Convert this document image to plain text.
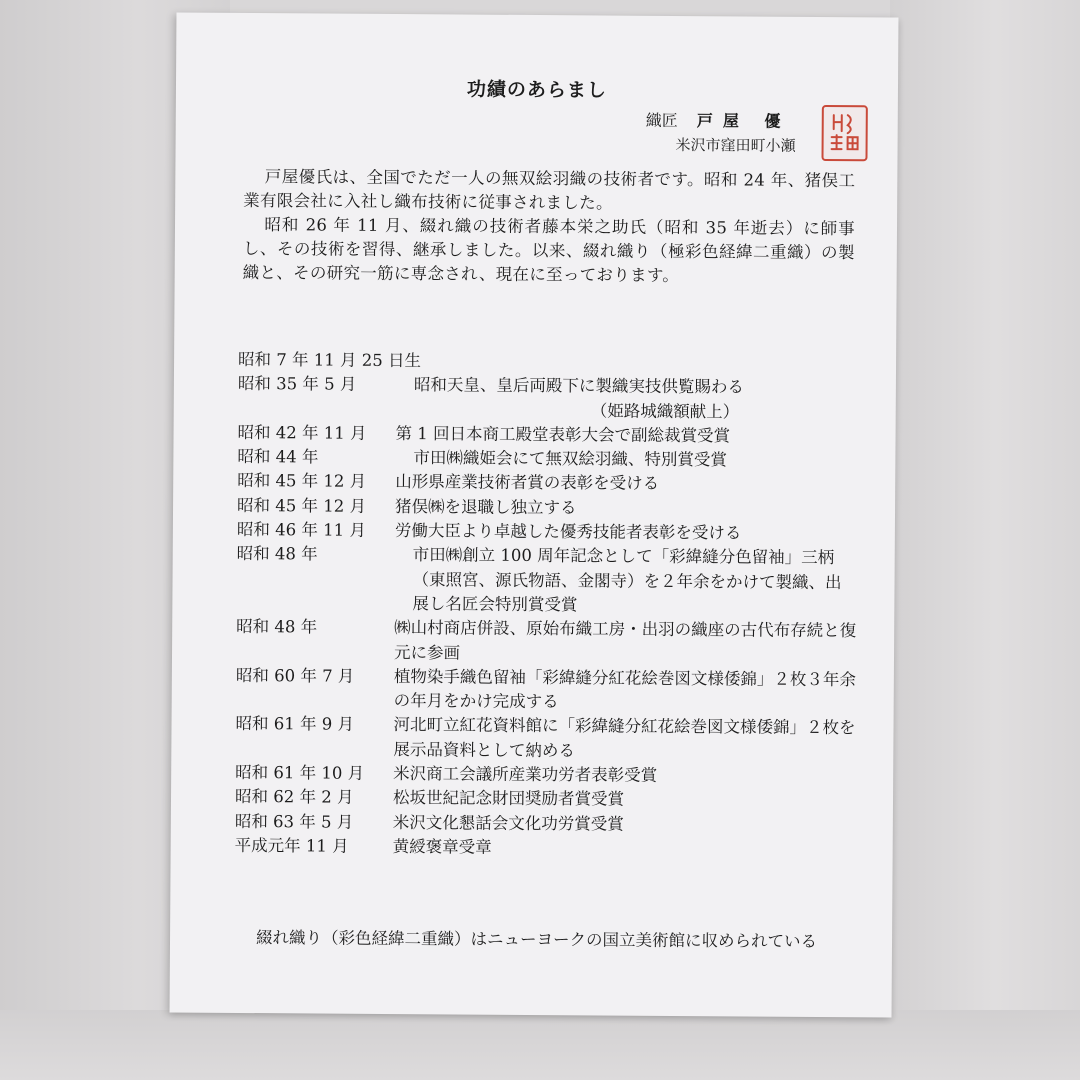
功績のあらまし
織匠 戸屋 優
米沢市窪田町小瀬

戸屋優氏は、全国でただ一人の無双絵羽織の技術者です。昭和 24 年、猪俣工業有限会社に入社し織布技術に従事されました。

昭和 26 年 11 月、綴れ織の技術者藤本栄之助氏（昭和 35 年逝去）に師事し、その技術を習得、継承しました。以来、綴れ織り（極彩色経緯二重織）の製織と、その研究一筋に専念され、現在に至っております。

昭和 7 年 11 月 25 日生
昭和 35 年 5 月	昭和天皇、皇后両殿下に製織実技供覧賜わる
（姫路城織額献上）
昭和 42 年 11 月	第 1 回日本商工殿堂表彰大会で副総裁賞受賞
昭和 44 年	市田㈱織姫会にて無双絵羽織、特別賞受賞
昭和 45 年 12 月	山形県産業技術者賞の表彰を受ける
昭和 45 年 12 月	猪俣㈱を退職し独立する
昭和 46 年 11 月	労働大臣より卓越した優秀技能者表彰を受ける
昭和 48 年	市田㈱創立 100 周年記念として「彩緯縫分色留袖」三柄（東照宮、源氏物語、金閣寺）を２年余をかけて製織、出展し名匠会特別賞受賞
昭和 48 年	㈱山村商店併設、原始布織工房・出羽の織座の古代布存続と復元に参画
昭和 60 年 7 月	植物染手織色留袖「彩緯縫分紅花絵巻図文様倭錦」２枚３年余の年月をかけ完成する
昭和 61 年 9 月	河北町立紅花資料館に「彩緯縫分紅花絵巻図文様倭錦」２枚を展示品資料として納める
昭和 61 年 10 月	米沢商工会議所産業功労者表彰受賞
昭和 62 年 2 月	松坂世紀記念財団奨励者賞受賞
昭和 63 年 5 月	米沢文化懇話会文化功労賞受賞
平成元年 11 月	黄綬褒章受章
綴れ織り（彩色経緯二重織）はニューヨークの国立美術館に収められている
